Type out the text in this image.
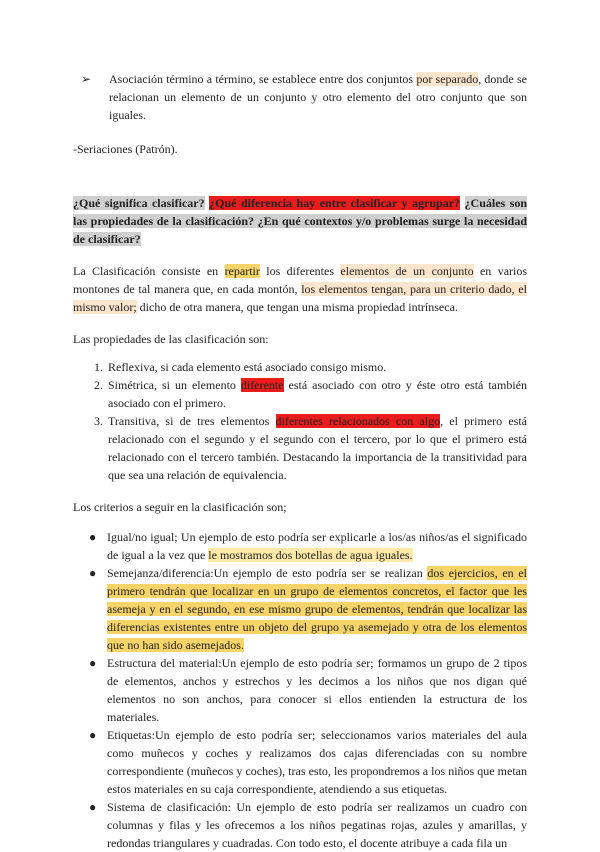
➢ Asociación término a término, se establece entre dos conjuntos por separado, donde se relacionan un elemento de un conjunto y otro elemento del otro conjunto que son iguales.

-Seriaciones (Patrón).

¿Qué significa clasificar? ¿Qué diferencia hay entre clasificar y agrupar? ¿Cuáles son las propiedades de la clasificación? ¿En qué contextos y/o problemas surge la necesidad de clasificar?

La Clasificación consiste en repartir los diferentes elementos de un conjunto en varios montones de tal manera que, en cada montón, los elementos tengan, para un criterio dado, el mismo valor; dicho de otra manera, que tengan una misma propiedad intrínseca.

Las propiedades de las clasificación son:

1. Reflexiva, si cada elemento está asociado consigo mismo.
2. Simétrica, si un elemento diferente está asociado con otro y éste otro está también asociado con el primero.
3. Transitiva, si de tres elementos diferentes relacionados con algo, el primero está relacionado con el segundo y el segundo con el tercero, por lo que el primero está relacionado con el tercero también. Destacando la importancia de la transitividad para que sea una relación de equivalencia.

Los criterios a seguir en la clasificación son;

● Igual/no igual; Un ejemplo de esto podría ser explicarle a los/as niños/as el significado de igual a la vez que le mostramos dos botellas de agua iguales.
● Semejanza/diferencia:Un ejemplo de esto podría ser se realizan dos ejercicios, en el primero tendrán que localizar en un grupo de elementos concretos, el factor que les asemeja y en el segundo, en ese mismo grupo de elementos, tendrán que localizar las diferencias existentes entre un objeto del grupo ya asemejado y otra de los elementos que no han sido asemejados.
● Estructura del material:Un ejemplo de esto podría ser; formamos un grupo de 2 tipos de elementos, anchos y estrechos y les decimos a los niños que nos digan qué elementos no son anchos, para conocer si ellos entienden la estructura de los materiales.
● Etiquetas:Un ejemplo de esto podría ser; seleccionamos varios materiales del aula como muñecos y coches y realizamos dos cajas diferenciadas con su nombre correspondiente (muñecos y coches), tras esto, les propondremos a los niños que metan estos materiales en su caja correspondiente, atendiendo a sus etiquetas.
● Sistema de clasificación: Un ejemplo de esto podría ser realizamos un cuadro con columnas y filas y les ofrecemos a los niños pegatinas rojas, azules y amarillas, y redondas triangulares y cuadradas. Con todo esto, el docente atribuye a cada fila un
